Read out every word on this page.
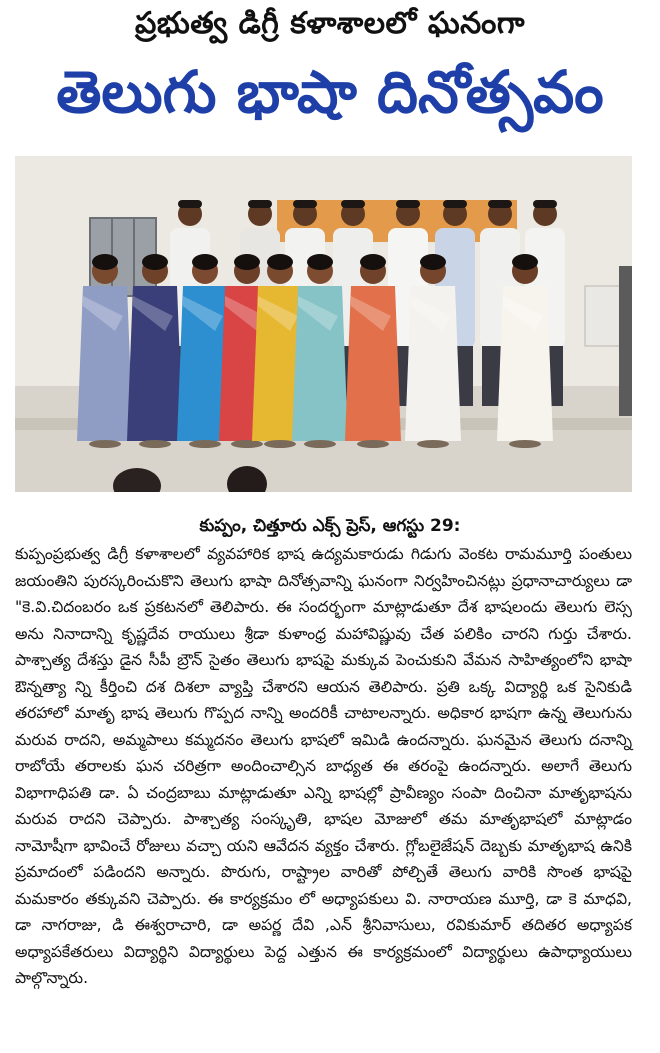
ప్రభుత్వ డిగ్రీ కళాశాలలో ఘనంగా
తెలుగు భాషా దినోత్సవం
కుప్పం, చిత్తూరు ఎక్స్ ప్రెస్, ఆగస్టు 29:
కుప్పంప్రభుత్వ డిగ్రీ కళాశాలలో వ్యవహారిక భాష ఉద్యమకారుడు గిడుగు వెంకట రామమూర్తి పంతులు జయంతిని పురస్కరించుకొని తెలుగు భాషా దినోత్సవాన్ని ఘనంగా నిర్వహించినట్లు ప్రధానాచార్యులు డా "కె.వి.చిదంబరం ఒక ప్రకటనలో తెలిపారు. ఈ సందర్భంగా మాట్లాడుతూ దేశ భాషలందు తెలుగు లెస్స అను నినాదాన్ని కృష్ణదేవ రాయులు శ్రీడా కుళాంధ్ర మహావిష్ణువు చేత పలికిం చారని గుర్తు చేశారు. పాశ్చాత్య దేశస్తు డైన సీపీ బ్రౌన్ సైతం తెలుగు భాషపై మక్కువ పెంచుకుని వేమన సాహిత్యంలోని భాషా ఔన్నత్యా న్ని కీర్తించి దశ దిశలా వ్యాప్తి చేశారని ఆయన తెలిపారు. ప్రతి ఒక్క విద్యార్థి ఒక సైనికుడి తరహాలో మాతృ భాష తెలుగు గొప్పద నాన్ని అందరికీ చాటాలన్నారు. అధికార భాషగా ఉన్న తెలుగును మరువ రాదని, అమ్మపాలు కమ్మదనం తెలుగు భాషలో ఇమిడి ఉందన్నారు. ఘనమైన తెలుగు దనాన్ని రాబోయే తరాలకు ఘన చరిత్రగా అందించాల్సిన బాధ్యత ఈ తరంపై ఉందన్నారు. అలాగే తెలుగు విభాగాధిపతి డా. ఏ చంద్రబాబు మాట్లాడుతూ ఎన్ని భాషల్లో ప్రావీణ్యం సంపా దించినా మాతృభాషను మరువ రాదని చెప్పారు. పాశ్చాత్య సంస్కృతి, భాషల మోజులో తమ మాతృభాషలో మాట్లాడం నామోషీగా భావించే రోజులు వచ్చా యని ఆవేదన వ్యక్తం చేశారు. గ్లోబలైజేషన్ దెబ్బకు మాతృభాష ఉనికి ప్రమాదంలో పడిందని అన్నారు. పొరుగు, రాష్ట్రాల వారితో పోల్చితే తెలుగు వారికి సొంత భాషపై మమకారం తక్కువని చెప్పారు. ఈ కార్యక్రమం లో అధ్యాపకులు వి. నారాయణ మూర్తి, డా కె మాధవి, డా నాగరాజు, డి ఈశ్వరాచారి, డా అపర్ణ దేవి ,ఎన్ శ్రీనివాసులు, రవికుమార్ తదితర అధ్యాపక అధ్యాపకేతరులు విద్యార్థిని విద్యార్థులు పెద్ద ఎత్తున ఈ కార్యక్రమంలో విద్యార్థులు ఉపాధ్యాయులు పాల్గొన్నారు.
